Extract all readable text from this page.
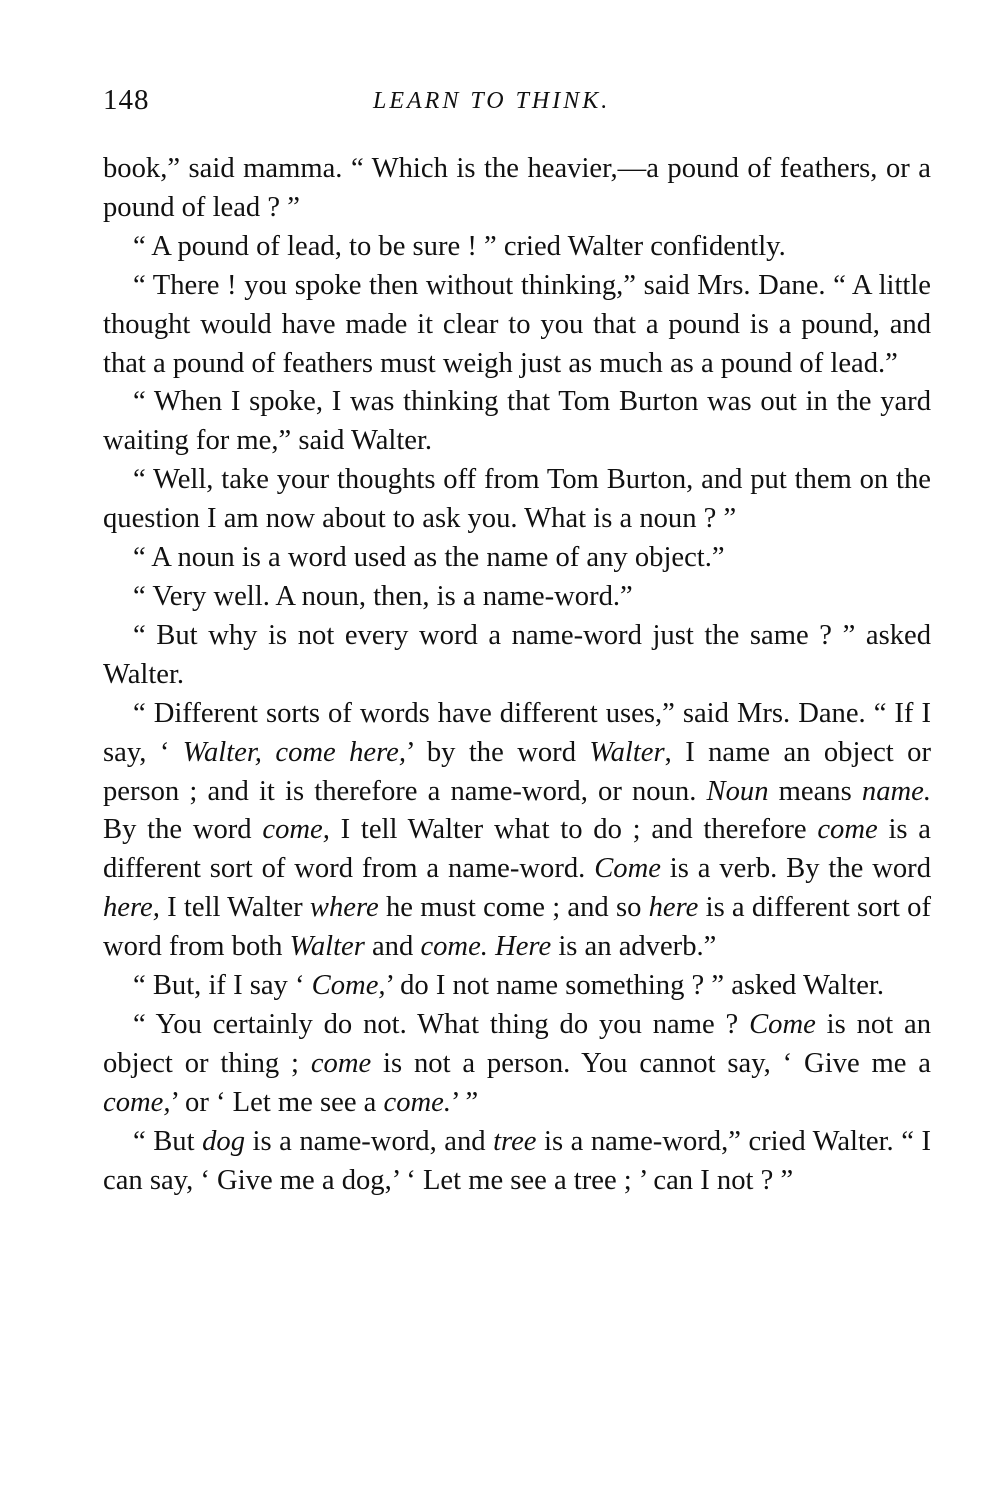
148	LEARN TO THINK.

book,” said mamma. “ Which is the heavier,—a pound of feathers, or a pound of lead ? ”

“ A pound of lead, to be sure ! ” cried Walter confidently.

“ There ! you spoke then without thinking,” said Mrs. Dane. “ A little thought would have made it clear to you that a pound is a pound, and that a pound of feathers must weigh just as much as a pound of lead.”

“ When I spoke, I was thinking that Tom Burton was out in the yard waiting for me,” said Walter.

“ Well, take your thoughts off from Tom Burton, and put them on the question I am now about to ask you. What is a noun ? ”

“ A noun is a word used as the name of any object.”

“ Very well. A noun, then, is a name-word.”

“ But why is not every word a name-word just the same ? ” asked Walter.

“ Different sorts of words have different uses,” said Mrs. Dane. “ If I say, ‘ Walter, come here,’ by the word Walter, I name an object or person ; and it is therefore a name-word, or noun. Noun means name. By the word come, I tell Walter what to do ; and therefore come is a different sort of word from a name-word. Come is a verb. By the word here, I tell Walter where he must come ; and so here is a different sort of word from both Walter and come. Here is an adverb.”

“ But, if I say ‘ Come,’ do I not name something ? ” asked Walter.

“ You certainly do not. What thing do you name ? Come is not an object or thing ; come is not a person. You cannot say, ‘ Give me a come,’ or ‘ Let me see a come.’ ”

“ But dog is a name-word, and tree is a name-word,” cried Walter. “ I can say, ‘ Give me a dog,’ ‘ Let me see a tree ; ’ can I not ? ”
